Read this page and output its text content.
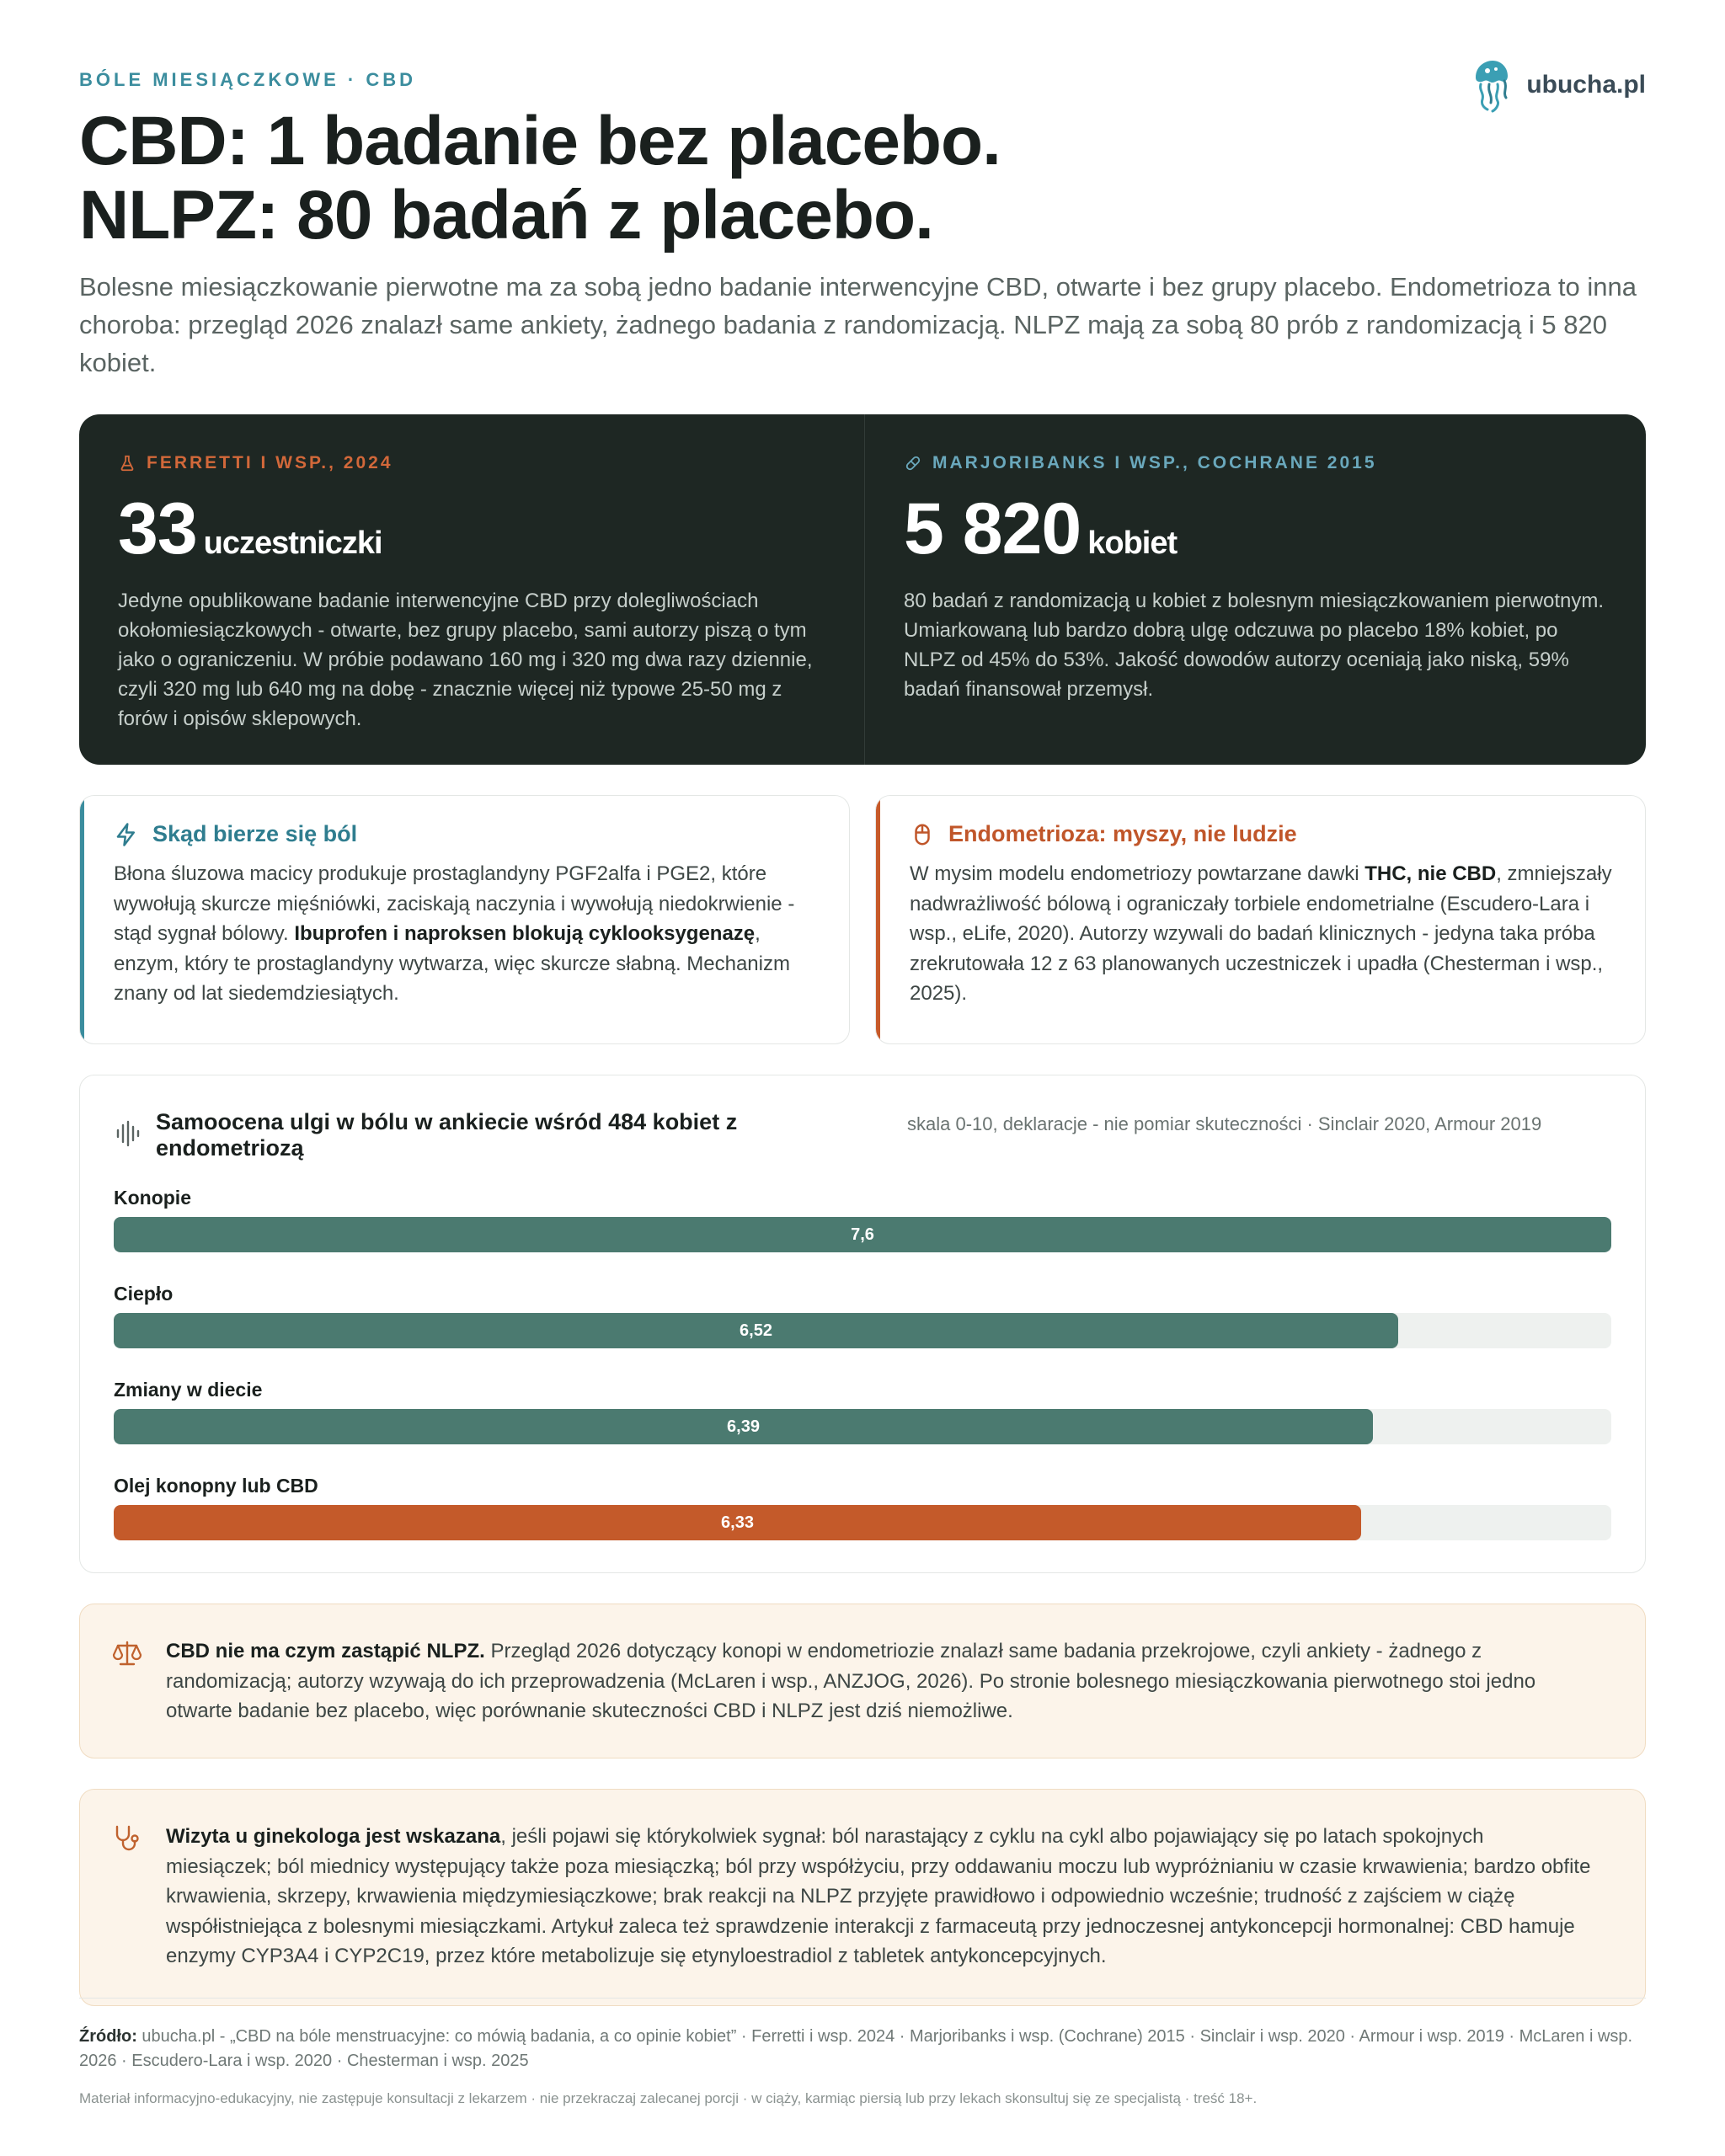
BÓLE MIESIĄCZKOWE · CBD	ubucha.pl
CBD: 1 badanie bez placebo.
NLPZ: 80 badań z placebo.

Bolesne miesiączkowanie pierwotne ma za sobą jedno badanie interwencyjne CBD, otwarte i bez grupy placebo. Endometrioza to inna choroba: przegląd 2026 znalazł same ankiety, żadnego badania z randomizacją. NLPZ mają za sobą 80 prób z randomizacją i 5 820 kobiet.

FERRETTI I WSP., 2024
33 uczestniczki

Jedyne opublikowane badanie interwencyjne CBD przy dolegliwościach okołomiesiączkowych - otwarte, bez grupy placebo, sami autorzy piszą o tym jako o ograniczeniu. W próbie podawano 160 mg i 320 mg dwa razy dziennie, czyli 320 mg lub 640 mg na dobę - znacznie więcej niż typowe 25-50 mg z forów i opisów sklepowych.

MARJORIBANKS I WSP., COCHRANE 2015
5 820 kobiet

80 badań z randomizacją u kobiet z bolesnym miesiączkowaniem pierwotnym. Umiarkowaną lub bardzo dobrą ulgę odczuwa po placebo 18% kobiet, po NLPZ od 45% do 53%. Jakość dowodów autorzy oceniają jako niską, 59% badań finansował przemysł.

Skąd bierze się ból

Błona śluzowa macicy produkuje prostaglandyny PGF2alfa i PGE2, które wywołują skurcze mięśniówki, zaciskają naczynia i wywołują niedokrwienie - stąd sygnał bólowy. Ibuprofen i naproksen blokują cyklooksygenazę, enzym, który te prostaglandyny wytwarza, więc skurcze słabną. Mechanizm znany od lat siedemdziesiątych.

Endometrioza: myszy, nie ludzie

W mysim modelu endometriozy powtarzane dawki THC, nie CBD, zmniejszały nadwrażliwość bólową i ograniczały torbiele endometrialne (Escudero-Lara i wsp., eLife, 2020). Autorzy wzywali do badań klinicznych - jedyna taka próba zrekrutowała 12 z 63 planowanych uczestniczek i upadła (Chesterman i wsp., 2025).

Samoocena ulgi w bólu w ankiecie wśród 484 kobiet z endometriozą
skala 0-10, deklaracje - nie pomiar skuteczności · Sinclair 2020, Armour 2019
Konopie
7,6
Ciepło
6,52
Zmiany w diecie
6,39
Olej konopny lub CBD
6,33

CBD nie ma czym zastąpić NLPZ. Przegląd 2026 dotyczący konopi w endometriozie znalazł same badania przekrojowe, czyli ankiety - żadnego z randomizacją; autorzy wzywają do ich przeprowadzenia (McLaren i wsp., ANZJOG, 2026). Po stronie bolesnego miesiączkowania pierwotnego stoi jedno otwarte badanie bez placebo, więc porównanie skuteczności CBD i NLPZ jest dziś niemożliwe.

Wizyta u ginekologa jest wskazana, jeśli pojawi się którykolwiek sygnał: ból narastający z cyklu na cykl albo pojawiający się po latach spokojnych miesiączek; ból miednicy występujący także poza miesiączką; ból przy współżyciu, przy oddawaniu moczu lub wypróżnianiu w czasie krwawienia; bardzo obfite krwawienia, skrzepy, krwawienia międzymiesiączkowe; brak reakcji na NLPZ przyjęte prawidłowo i odpowiednio wcześnie; trudność z zajściem w ciążę współistniejąca z bolesnymi miesiączkami. Artykuł zaleca też sprawdzenie interakcji z farmaceutą przy jednoczesnej antykoncepcji hormonalnej: CBD hamuje enzymy CYP3A4 i CYP2C19, przez które metabolizuje się etynyloestradiol z tabletek antykoncepcyjnych.

Źródło: ubucha.pl - „CBD na bóle menstruacyjne: co mówią badania, a co opinie kobiet” · Ferretti i wsp. 2024 · Marjoribanks i wsp. (Cochrane) 2015 · Sinclair i wsp. 2020 · Armour i wsp. 2019 · McLaren i wsp. 2026 · Escudero-Lara i wsp. 2020 · Chesterman i wsp. 2025

Materiał informacyjno-edukacyjny, nie zastępuje konsultacji z lekarzem · nie przekraczaj zalecanej porcji · w ciąży, karmiąc piersią lub przy lekach skonsultuj się ze specjalistą · treść 18+.
